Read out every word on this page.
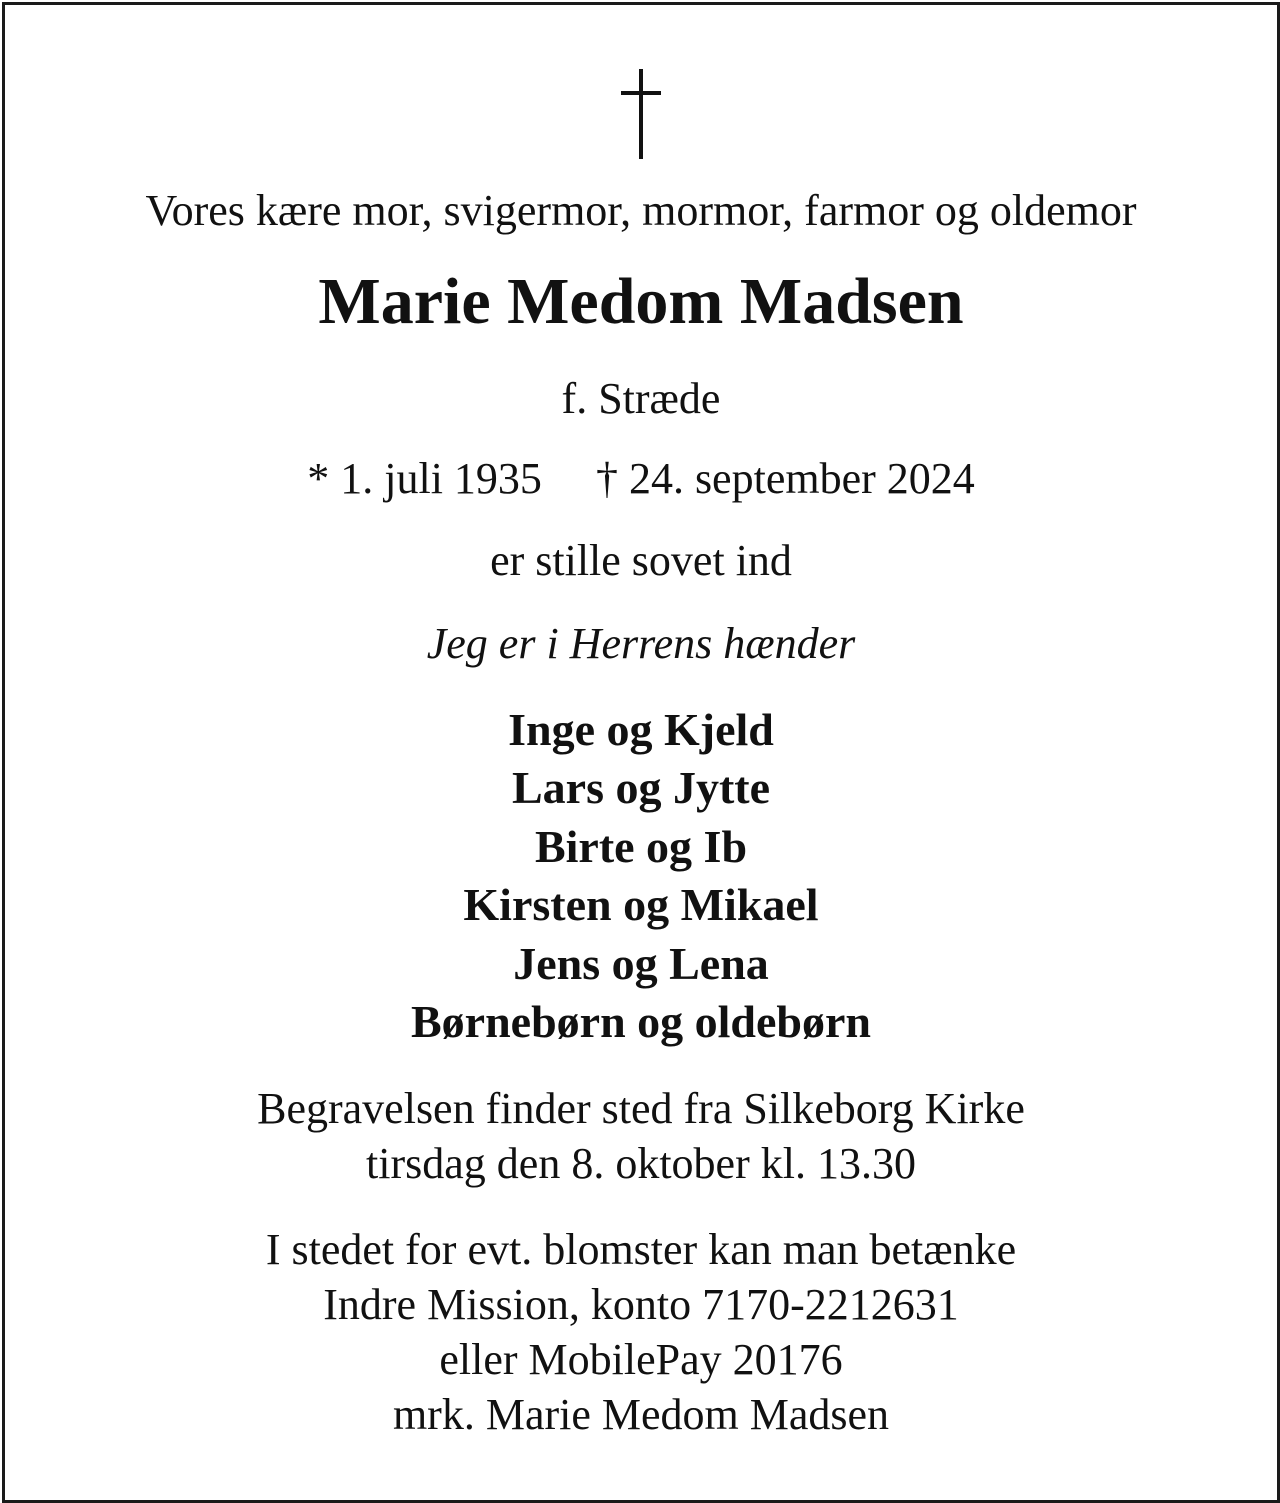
Vores kære mor, svigermor, mormor, farmor og oldemor
Marie Medom Madsen
f. Stræde
* 1. juli 1935 † 24. september 2024
er stille sovet ind
Jeg er i Herrens hænder
Inge og Kjeld
Lars og Jytte
Birte og Ib
Kirsten og Mikael
Jens og Lena
Børnebørn og oldebørn
Begravelsen finder sted fra Silkeborg Kirke
tirsdag den 8. oktober kl. 13.30
I stedet for evt. blomster kan man betænke
Indre Mission, konto 7170-2212631
eller MobilePay 20176
mrk. Marie Medom Madsen
